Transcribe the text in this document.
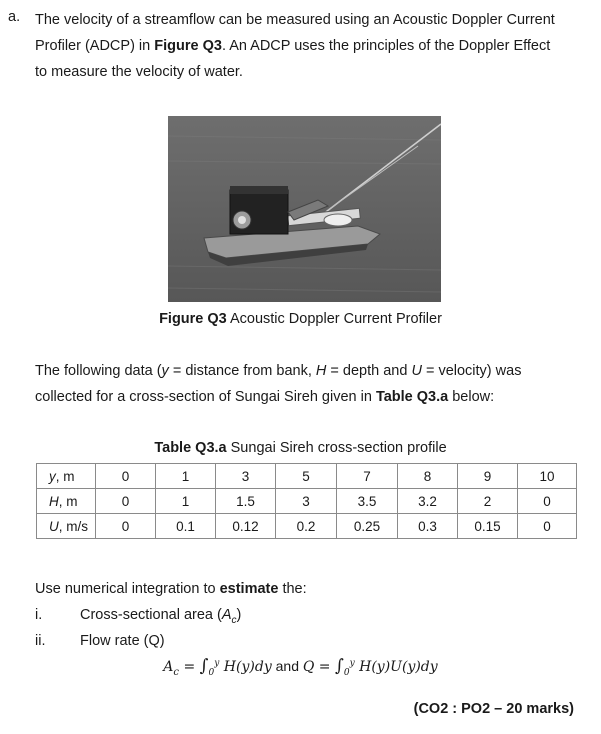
a. The velocity of a streamflow can be measured using an Acoustic Doppler Current
Profiler (ADCP) in Figure Q3. An ADCP uses the principles of the Doppler Effect
to measure the velocity of water.

Figure Q3 Acoustic Doppler Current Profiler

The following data (y = distance from bank, H = depth and U = velocity) was
collected for a cross-section of Sungai Sireh given in Table Q3.a below:

Table Q3.a Sungai Sireh cross-section profile
y, m	0	1	3	5	7	8	9	10
H, m	0	1	1.5	3	3.5	3.2	2	0
U, m/s	0	0.1	0.12	0.2	0.25	0.3	0.15	0
Use numerical integration to estimate the:
i.	Cross-sectional area $(A_c)$
ii. Flow rate (Q)
$A_c = \int_0^y$ H(y)dy and $Q = \int_0^y$ H(y)U(y)dy
(CO2 : PO2 – 20 marks)
